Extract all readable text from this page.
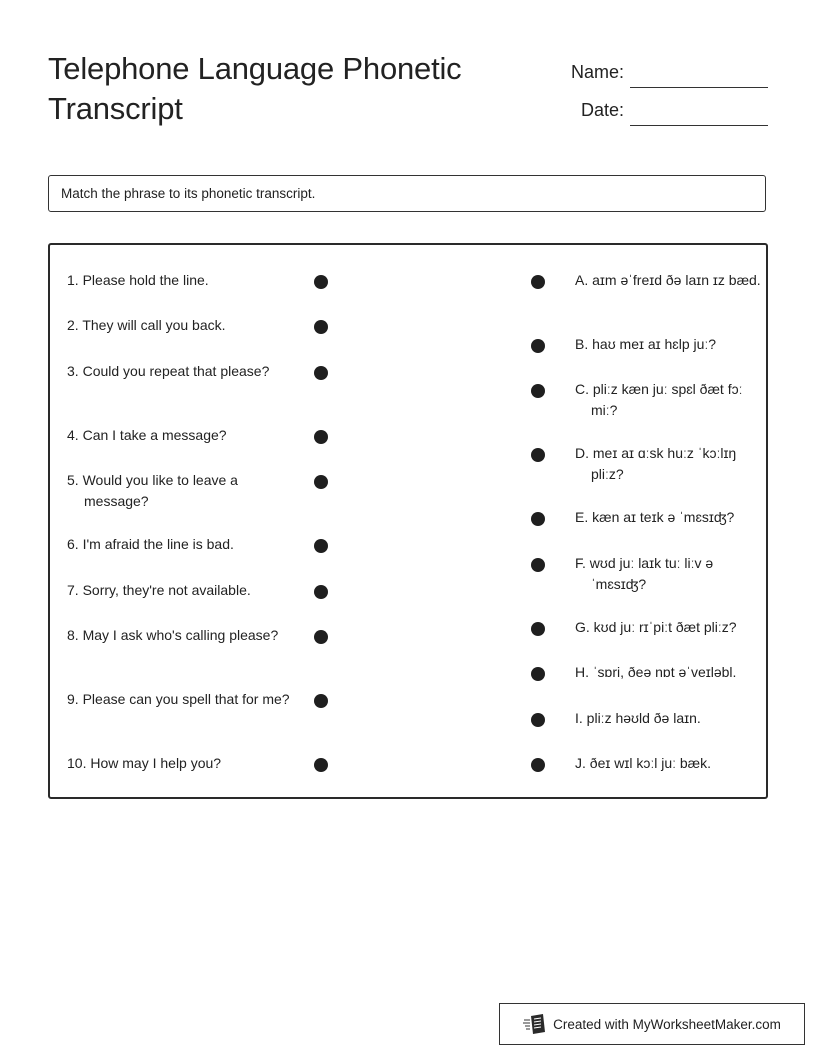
Telephone Language Phonetic Transcript
Name:
Date:
Match the phrase to its phonetic transcript.
1. Please hold the line.
2. They will call you back.
3. Could you repeat that please?
4. Can I take a message?
5. Would you like to leave a message?
6. I'm afraid the line is bad.
7. Sorry, they're not available.
8. May I ask who's calling please?
9. Please can you spell that for me?
10. How may I help you?
A. aɪm əˈfreɪd ðə laɪn ɪz bæd.
B. haʊ meɪ aɪ hɛlp juː?
C. pliːz kæn juː spɛl ðæt fɔː miː?
D. meɪ aɪ ɑːsk huːz ˈkɔːlɪŋ pliːz?
E. kæn aɪ teɪk ə ˈmɛsɪʤ?
F. wʊd juː laɪk tuː liːv ə ˈmɛsɪʤ?
G. kʊd juː rɪˈpiːt ðæt pliːz?
H. ˈsɒri, ðeə nɒt əˈveɪləbl.
I. pliːz həʊld ðə laɪn.
J. ðeɪ wɪl kɔːl juː bæk.
Created with MyWorksheetMaker.com
